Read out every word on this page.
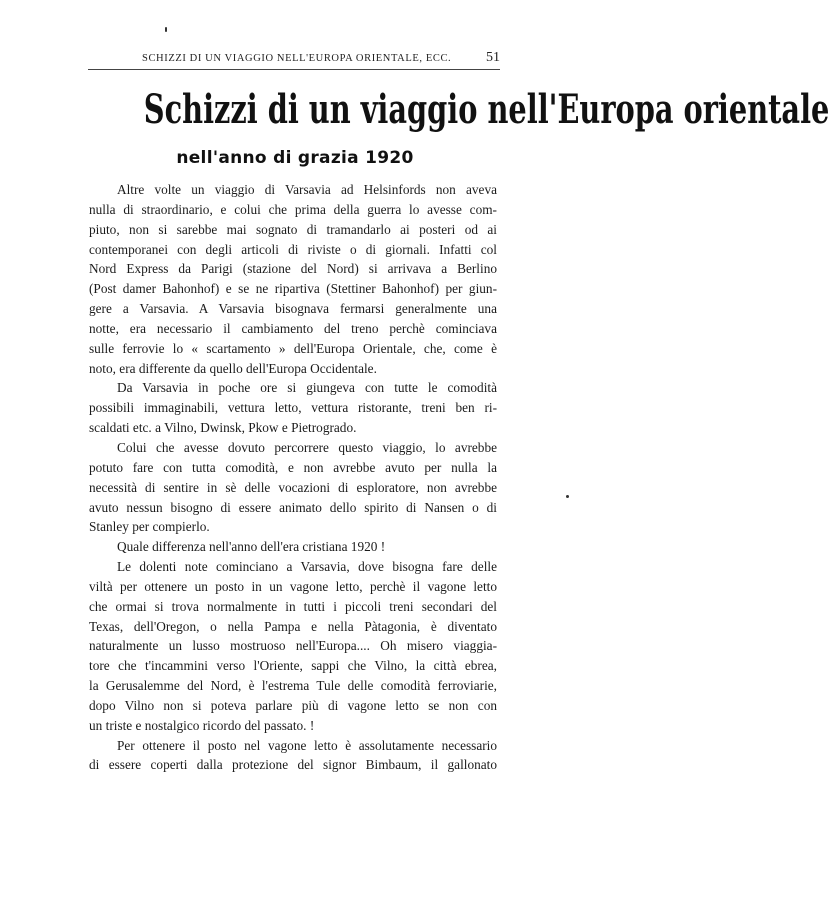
SCHIZZI DI UN VIAGGIO NELL'EUROPA ORIENTALE, ECC. 51
Schizzi di un viaggio nell'Europa orientale
nell'anno di grazia 1920
Altre volte un viaggio di Varsavia ad Helsinfords non aveva
nulla di straordinario, e colui che prima della guerra lo avesse com-
piuto, non si sarebbe mai sognato di tramandarlo ai posteri od ai
contemporanei con degli articoli di riviste o di giornali. Infatti col
Nord Express da Parigi (stazione del Nord) si arrivava a Berlino
(Post damer Bahonhof) e se ne ripartiva (Stettiner Bahonhof) per giun-
gere a Varsavia. A Varsavia bisognava fermarsi generalmente una
notte, era necessario il cambiamento del treno perchè cominciava
sulle ferrovie lo « scartamento » dell'Europa Orientale, che, come è
noto, era differente da quello dell'Europa Occidentale.
Da Varsavia in poche ore si giungeva con tutte le comodità
possibili immaginabili, vettura letto, vettura ristorante, treni ben ri-
scaldati etc. a Vilno, Dwinsk, Pkow e Pietrogrado.
Colui che avesse dovuto percorrere questo viaggio, lo avrebbe
potuto fare con tutta comodità, e non avrebbe avuto per nulla la
necessità di sentire in sè delle vocazioni di esploratore, non avrebbe
avuto nessun bisogno di essere animato dello spirito di Nansen o di
Stanley per compierlo.
Quale differenza nell'anno dell'era cristiana 1920 !
Le dolenti note cominciano a Varsavia, dove bisogna fare delle
viltà per ottenere un posto in un vagone letto, perchè il vagone letto
che ormai si trova normalmente in tutti i piccoli treni secondari del
Texas, dell'Oregon, o nella Pampa e nella Pàtagonia, è diventato
naturalmente un lusso mostruoso nell'Europa.... Oh misero viaggia-
tore che t'incammini verso l'Oriente, sappi che Vilno, la città ebrea,
la Gerusalemme del Nord, è l'estrema Tule delle comodità ferroviarie,
dopo Vilno non si poteva parlare più di vagone letto se non con
un triste e nostalgico ricordo del passato. !
Per ottenere il posto nel vagone letto è assolutamente necessario
di essere coperti dalla protezione del signor Bimbaum, il gallonato
